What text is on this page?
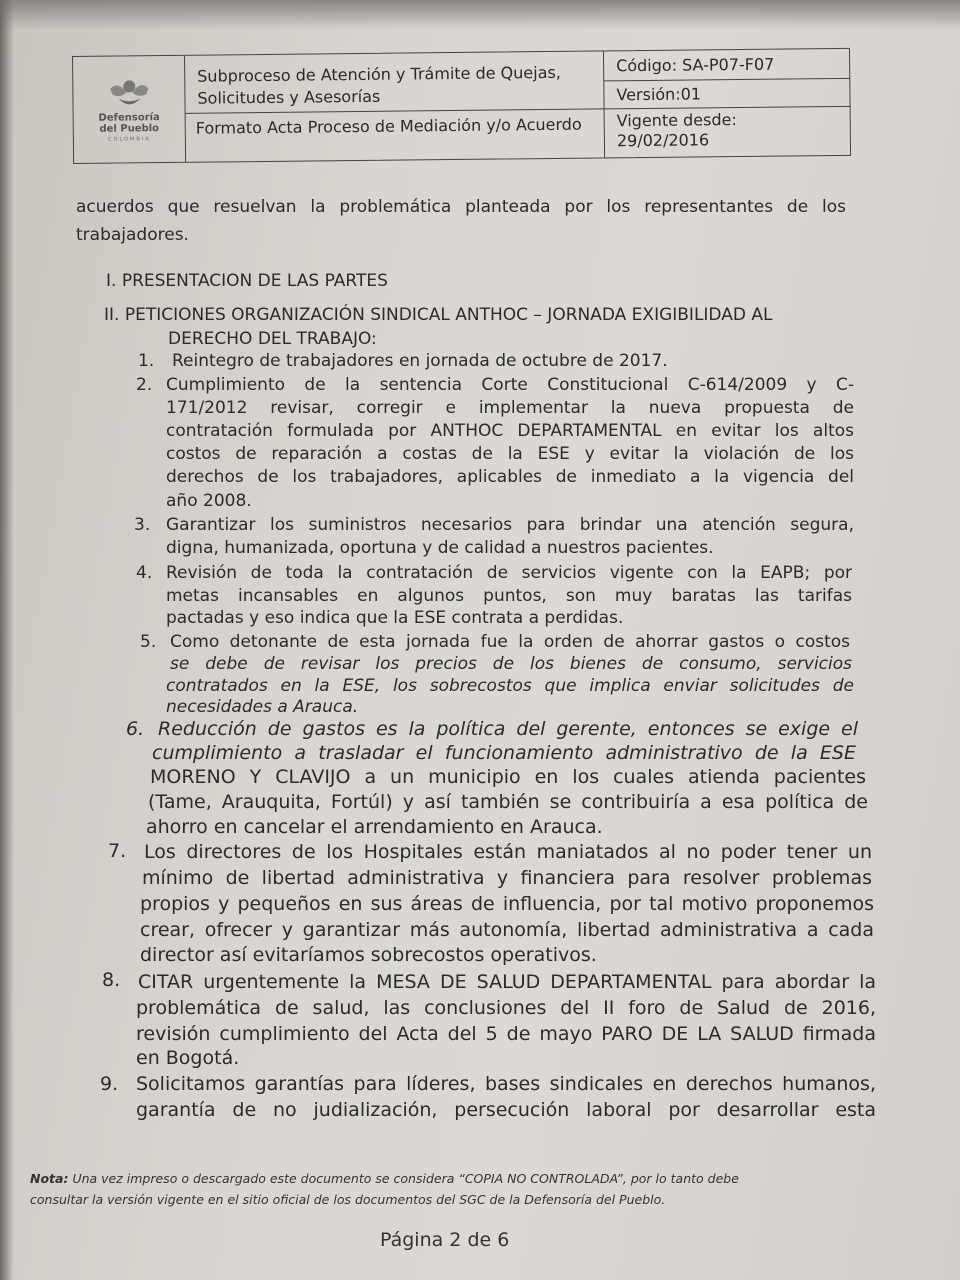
Defensoría del Pueblo
COLOMBIA
Subproceso de Atención y Trámite de Quejas, Solicitudes y Asesorías
Formato Acta Proceso de Mediación y/o Acuerdo
Código: SA-P07-F07
Versión:01
Vigente desde:
29/02/2016
acuerdos que resuelvan la problemática planteada por los representantes de los
trabajadores.
I. PRESENTACION DE LAS PARTES
II. PETICIONES ORGANIZACIÓN SINDICAL ANTHOC – JORNADA EXIGIBILIDAD AL
DERECHO DEL TRABAJO:
1. Reintegro de trabajadores en jornada de octubre de 2017.
2. Cumplimiento de la sentencia Corte Constitucional C-614/2009 y C-
171/2012 revisar, corregir e implementar la nueva propuesta de
contratación formulada por ANTHOC DEPARTAMENTAL en evitar los altos
costos de reparación a costas de la ESE y evitar la violación de los
derechos de los trabajadores, aplicables de inmediato a la vigencia del
año 2008.
3. Garantizar los suministros necesarios para brindar una atención segura,
digna, humanizada, oportuna y de calidad a nuestros pacientes.
4. Revisión de toda la contratación de servicios vigente con la EAPB; por
metas incansables en algunos puntos, son muy baratas las tarifas
pactadas y eso indica que la ESE contrata a perdidas.
5. Como detonante de esta jornada fue la orden de ahorrar gastos o costos
se debe de revisar los precios de los bienes de consumo, servicios
contratados en la ESE, los sobrecostos que implica enviar solicitudes de
necesidades a Arauca.
6. Reducción de gastos es la política del gerente, entonces se exige el
cumplimiento a trasladar el funcionamiento administrativo de la ESE
MORENO Y CLAVIJO a un municipio en los cuales atienda pacientes
(Tame, Arauquita, Fortúl) y así también se contribuiría a esa política de
ahorro en cancelar el arrendamiento en Arauca.
7. Los directores de los Hospitales están maniatados al no poder tener un
mínimo de libertad administrativa y financiera para resolver problemas
propios y pequeños en sus áreas de influencia, por tal motivo proponemos
crear, ofrecer y garantizar más autonomía, libertad administrativa a cada
director así evitaríamos sobrecostos operativos.
8. CITAR urgentemente la MESA DE SALUD DEPARTAMENTAL para abordar la
problemática de salud, las conclusiones del II foro de Salud de 2016,
revisión cumplimiento del Acta del 5 de mayo PARO DE LA SALUD firmada
en Bogotá.
9. Solicitamos garantías para líderes, bases sindicales en derechos humanos,
garantía de no judialización, persecución laboral por desarrollar esta
Nota: Una vez impreso o descargado este documento se considera “COPIA NO CONTROLADA”, por lo tanto debe
consultar la versión vigente en el sitio oficial de los documentos del SGC de la Defensoría del Pueblo.
Página 2 de 6
